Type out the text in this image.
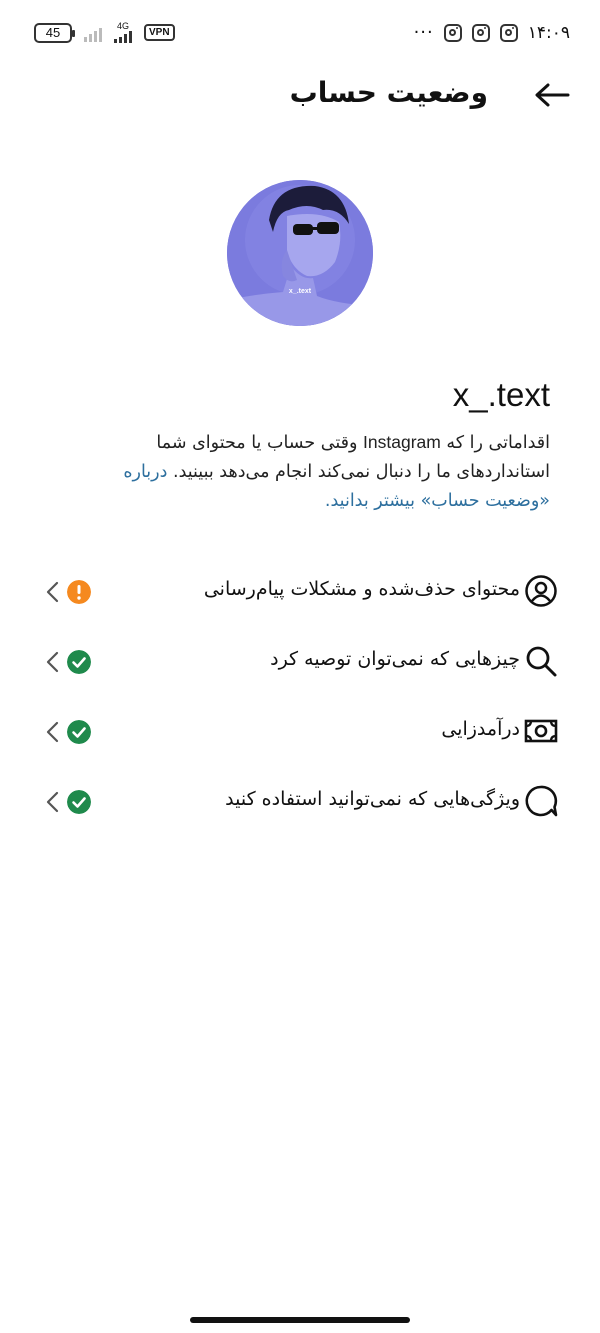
45	4G
VPN	···	۱۴:۰۹
وضعیت حساب
x_.text
x_.text
اقداماتی را که Instagram وقتی حساب یا محتوای شما استانداردهای ما را دنبال نمی‌کند انجام می‌دهد ببینید. درباره «وضعیت حساب» بیشتر بدانید.
محتوای حذف‌شده و مشکلات پیام‌رسانی
چیزهایی که نمی‌توان توصیه کرد
درآمدزایی
ویژگی‌هایی که نمی‌توانید استفاده کنید
